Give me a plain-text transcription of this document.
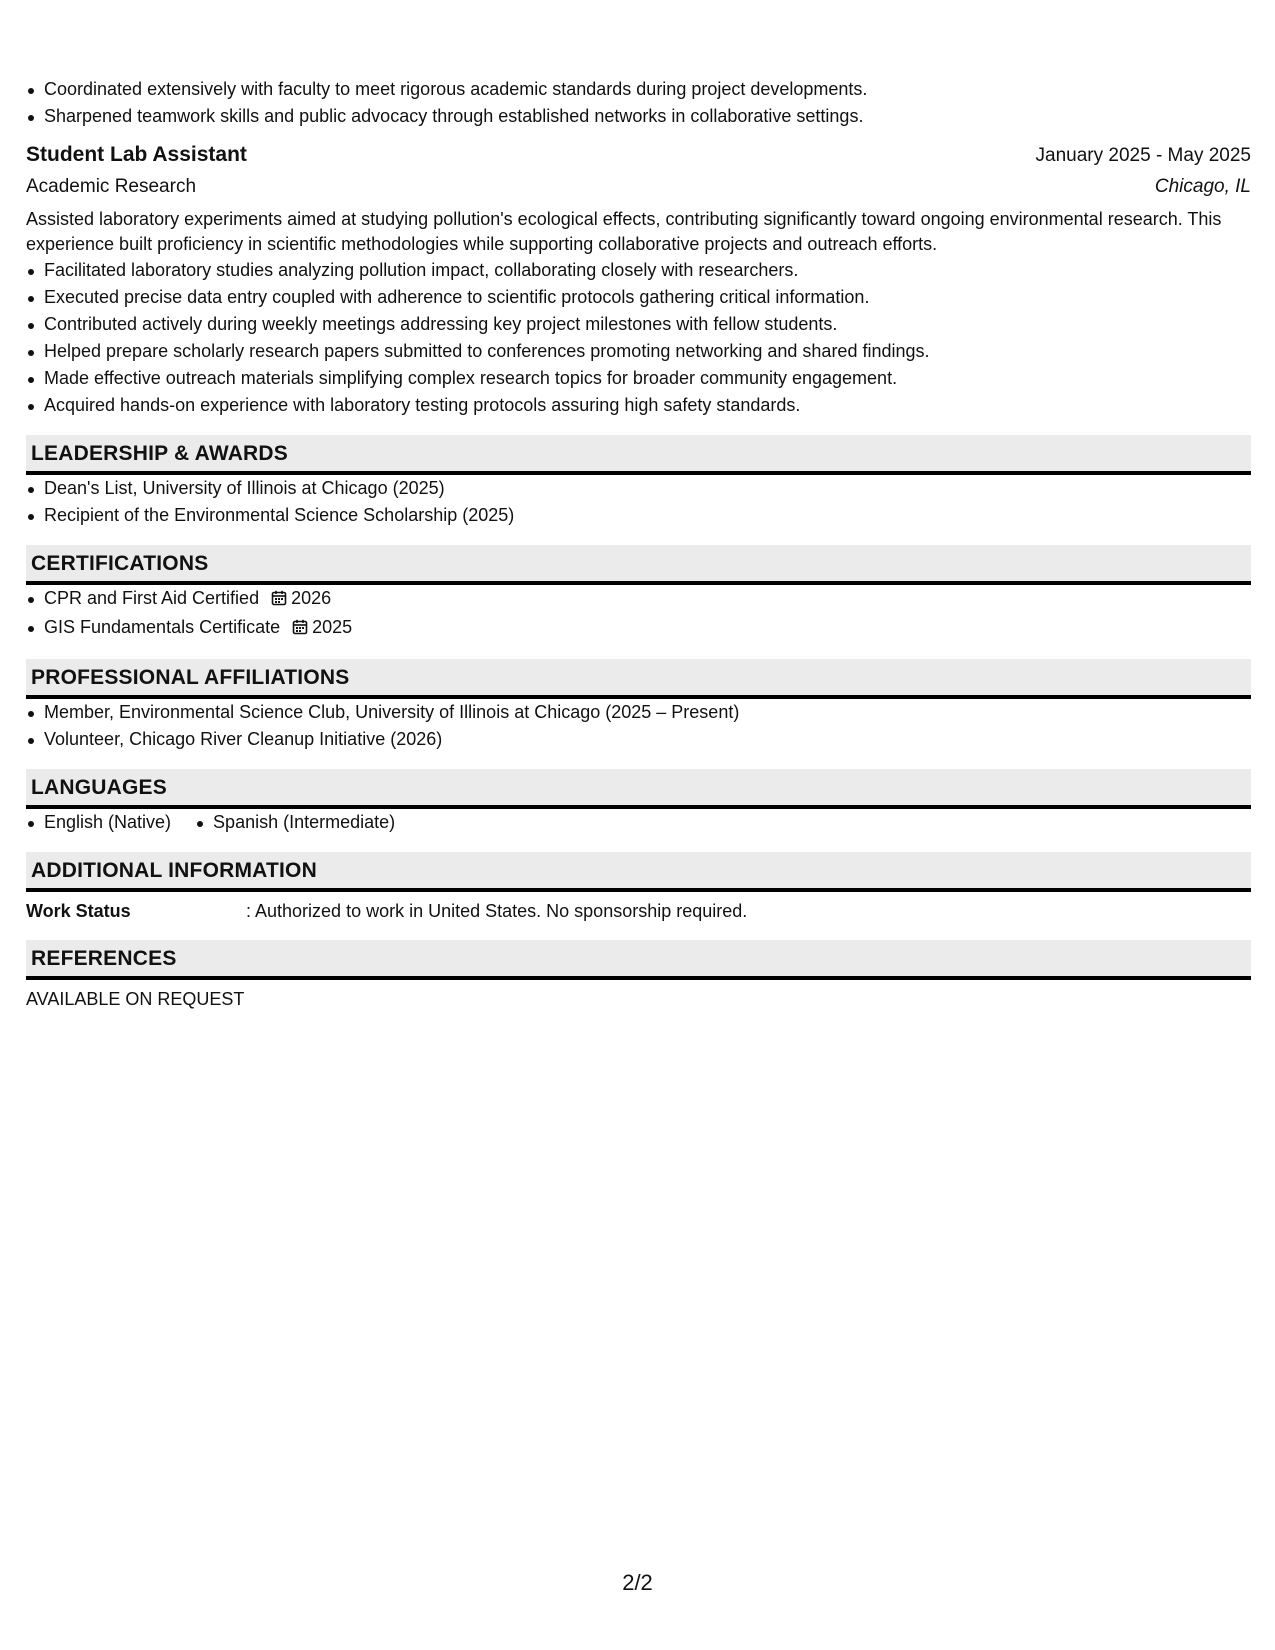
Coordinated extensively with faculty to meet rigorous academic standards during project developments.
Sharpened teamwork skills and public advocacy through established networks in collaborative settings.
Student Lab Assistant	January 2025 - May 2025
Academic Research	Chicago, IL
Assisted laboratory experiments aimed at studying pollution's ecological effects, contributing significantly toward ongoing environmental research. This experience built proficiency in scientific methodologies while supporting collaborative projects and outreach efforts.
Facilitated laboratory studies analyzing pollution impact, collaborating closely with researchers.
Executed precise data entry coupled with adherence to scientific protocols gathering critical information.
Contributed actively during weekly meetings addressing key project milestones with fellow students.
Helped prepare scholarly research papers submitted to conferences promoting networking and shared findings.
Made effective outreach materials simplifying complex research topics for broader community engagement.
Acquired hands-on experience with laboratory testing protocols assuring high safety standards.
LEADERSHIP & AWARDS
Dean's List, University of Illinois at Chicago (2025)
Recipient of the Environmental Science Scholarship (2025)
CERTIFICATIONS
CPR and First Aid Certified 2026
GIS Fundamentals Certificate 2025
PROFESSIONAL AFFILIATIONS
Member, Environmental Science Club, University of Illinois at Chicago (2025 – Present)
Volunteer, Chicago River Cleanup Initiative (2026)
LANGUAGES
English (Native)	Spanish (Intermediate)
ADDITIONAL INFORMATION
Work Status	: Authorized to work in United States. No sponsorship required.
REFERENCES
AVAILABLE ON REQUEST
2/2
